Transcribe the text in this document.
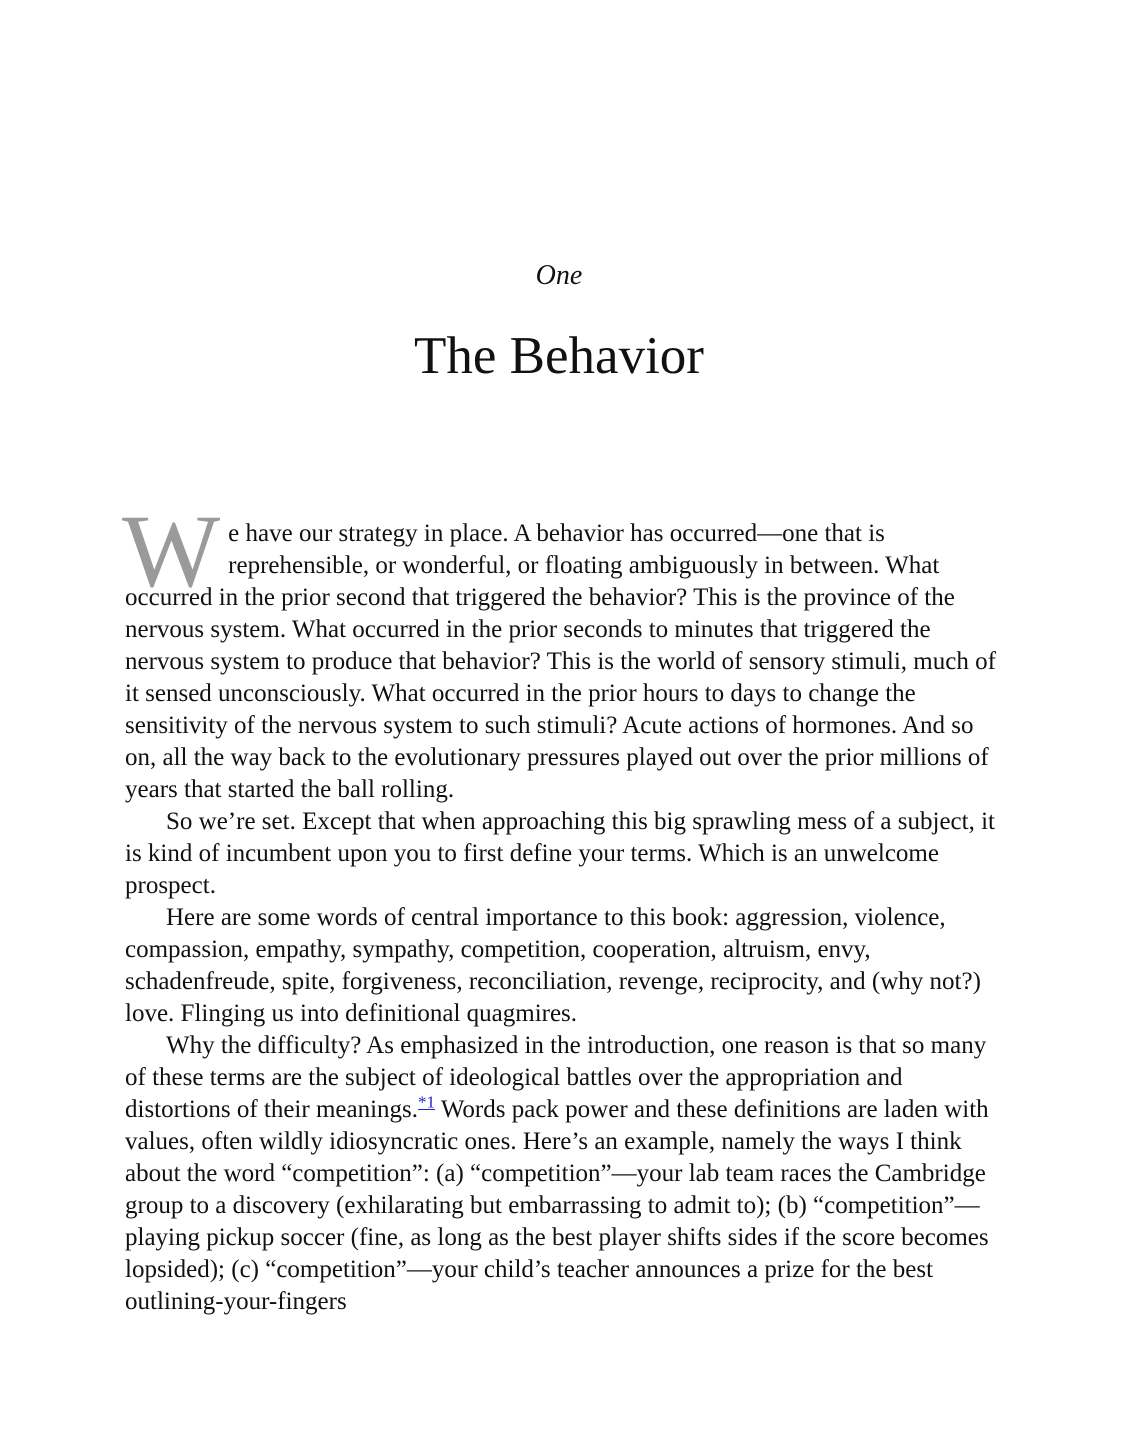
One

The Behavior

We have our strategy in place. A behavior has occurred—one that is reprehensible, or wonderful, or floating ambiguously in between. What occurred in the prior second that triggered the behavior? This is the province of the nervous system. What occurred in the prior seconds to minutes that triggered the nervous system to produce that behavior? This is the world of sensory stimuli, much of it sensed unconsciously. What occurred in the prior hours to days to change the sensitivity of the nervous system to such stimuli? Acute actions of hormones. And so on, all the way back to the evolutionary pressures played out over the prior millions of years that started the ball rolling.

So we’re set. Except that when approaching this big sprawling mess of a subject, it is kind of incumbent upon you to first define your terms. Which is an unwelcome prospect.

Here are some words of central importance to this book: aggression, violence, compassion, empathy, sympathy, competition, cooperation, altruism, envy, schadenfreude, spite, forgiveness, reconciliation, revenge, reciprocity, and (why not?) love. Flinging us into definitional quagmires.

Why the difficulty? As emphasized in the introduction, one reason is that so many of these terms are the subject of ideological battles over the appropriation and distortions of their meanings.$^{*1}$ Words pack power and these definitions are laden with values, often wildly idiosyncratic ones. Here’s an example, namely the ways I think about the word “competition”: (a) “competition”—your lab team races the Cambridge group to a discovery (exhilarating but embarrassing to admit to); (b) “competition”—playing pickup soccer (fine, as long as the best player shifts sides if the score becomes lopsided); (c) “competition”—your child’s teacher announces a prize for the best outlining-your-fingers
